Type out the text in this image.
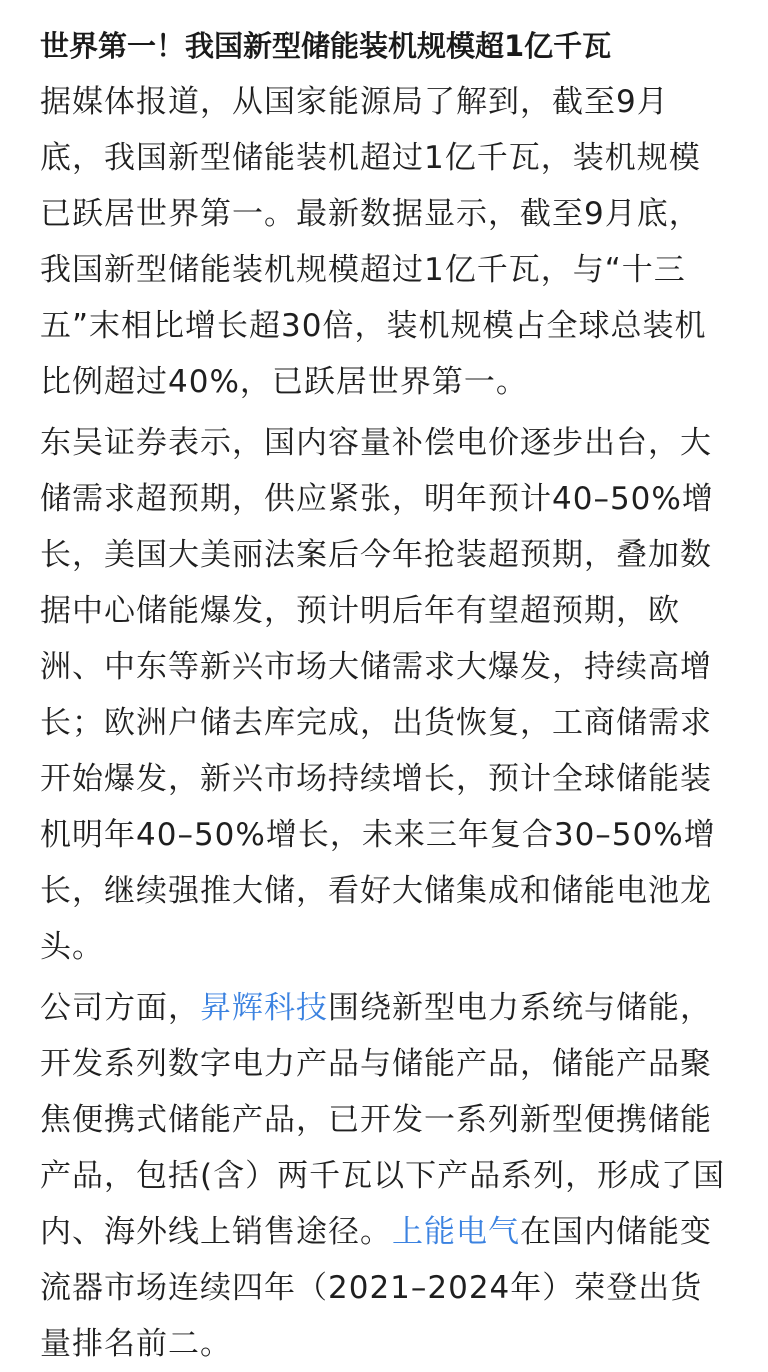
世界第一！我国新型储能装机规模超1亿千瓦

据媒体报道，从国家能源局了解到，截至9月底，我国新型储能装机超过1亿千瓦，装机规模已跃居世界第一。最新数据显示，截至9月底，我国新型储能装机规模超过1亿千瓦，与“十三五”末相比增长超30倍，装机规模占全球总装机比例超过40%，已跃居世界第一。

东吴证券表示，国内容量补偿电价逐步出台，大储需求超预期，供应紧张，明年预计40–50%增长，美国大美丽法案后今年抢装超预期，叠加数据中心储能爆发，预计明后年有望超预期，欧洲、中东等新兴市场大储需求大爆发，持续高增长；欧洲户储去库完成，出货恢复，工商储需求开始爆发，新兴市场持续增长，预计全球储能装机明年40–50%增长，未来三年复合30–50%增长，继续强推大储，看好大储集成和储能电池龙头。

公司方面，昇辉科技围绕新型电力系统与储能，开发系列数字电力产品与储能产品，储能产品聚焦便携式储能产品，已开发一系列新型便携储能产品，包括(含）两千瓦以下产品系列，形成了国内、海外线上销售途径。上能电气在国内储能变流器市场连续四年（2021–2024年）荣登出货量排名前二。
